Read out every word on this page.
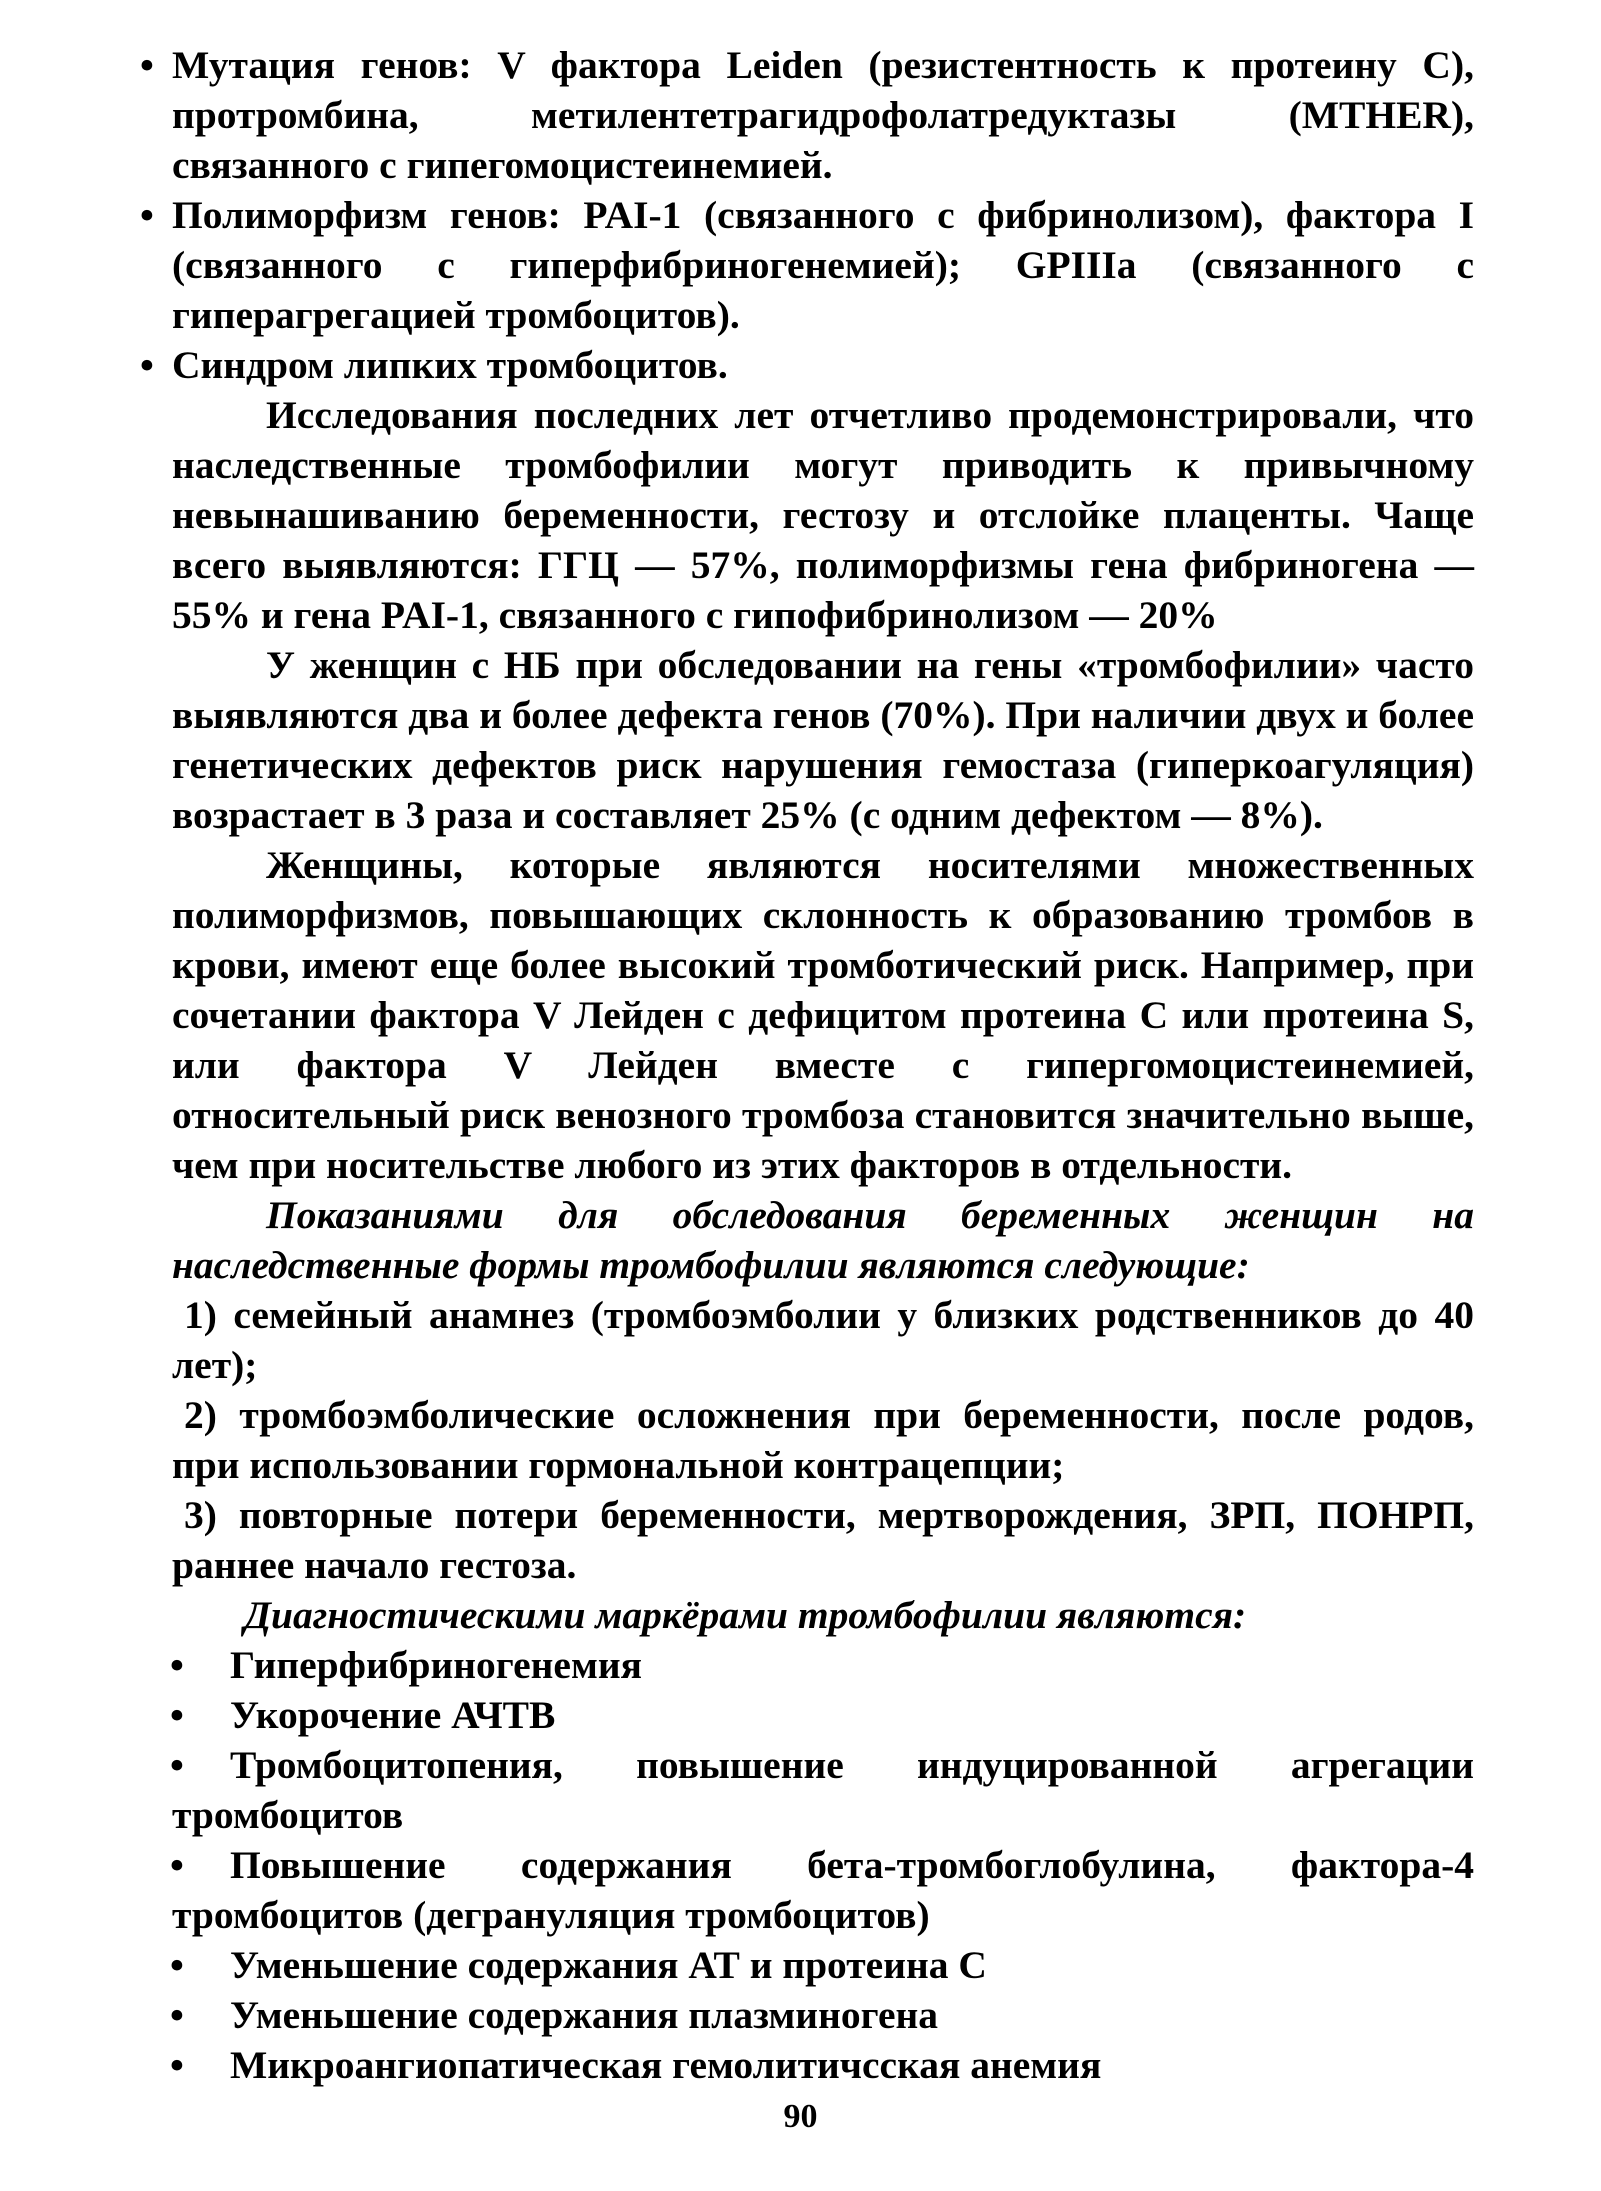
• Мутация генов: V фактора Leiden (резистентность к протеину С), протромбина, метилентетрагидрофолатредуктазы (MTHER), связанного с гипегомоцистеинемией.
• Полиморфизм генов: PAI-1 (связанного с фибринолизом), фактора I (связанного с гиперфибриногенемией); GPIIIa (связанного с гиперагрегацией тромбоцитов).
• Синдром липких тромбоцитов.

Исследования последних лет отчетливо продемонстрировали, что наследственные тромбофилии могут приводить к привычному невынашиванию беременности, гестозу и отслойке плаценты. Чаще всего выявляются: ГГЦ — 57%, полиморфизмы гена фибриногена — 55% и гена PAI-1, связанного с гипофибринолизом — 20%

У женщин с НБ при обследовании на гены «тромбофилии» часто выявляются два и более дефекта генов (70%). При наличии двух и более генетических дефектов риск нарушения гемостаза (гиперкоагуляция) возрастает в 3 раза и составляет 25% (с одним дефектом — 8%).

Женщины, которые являются носителями множественных полиморфизмов, повышающих склонность к образованию тромбов в крови, имеют еще более высокий тромботический риск. Например, при сочетании фактора V Лейден с дефицитом протеина С или протеина S, или фактора V Лейден вместе с гипергомоцистеинемией, относительный риск венозного тромбоза становится значительно выше, чем при носительстве любого из этих факторов в отдельности.

Показаниями для обследования беременных женщин на наследственные формы тромбофилии являются следующие:

1) семейный анамнез (тромбоэмболии у близких родственников до 40 лет);

2) тромбоэмболические осложнения при беременности, после родов, при использовании гормональной контрацепции;

3) повторные потери беременности, мертворождения, ЗРП, ПОНРП, раннее начало гестоза.

Диагностическими маркёрами тромбофилии являются:

• Гиперфибриногенемия
• Укорочение АЧТВ
• Тромбоцитопения, повышение индуцированной агрегации тромбоцитов
• Повышение содержания бета-тромбоглобулина, фактора-4 тромбоцитов (дегрануляция тромбоцитов)
• Уменьшение содержания АТ и протеина С
• Уменьшение содержания плазминогена
• Микроангиопатическая гемолитичсская анемия
90
